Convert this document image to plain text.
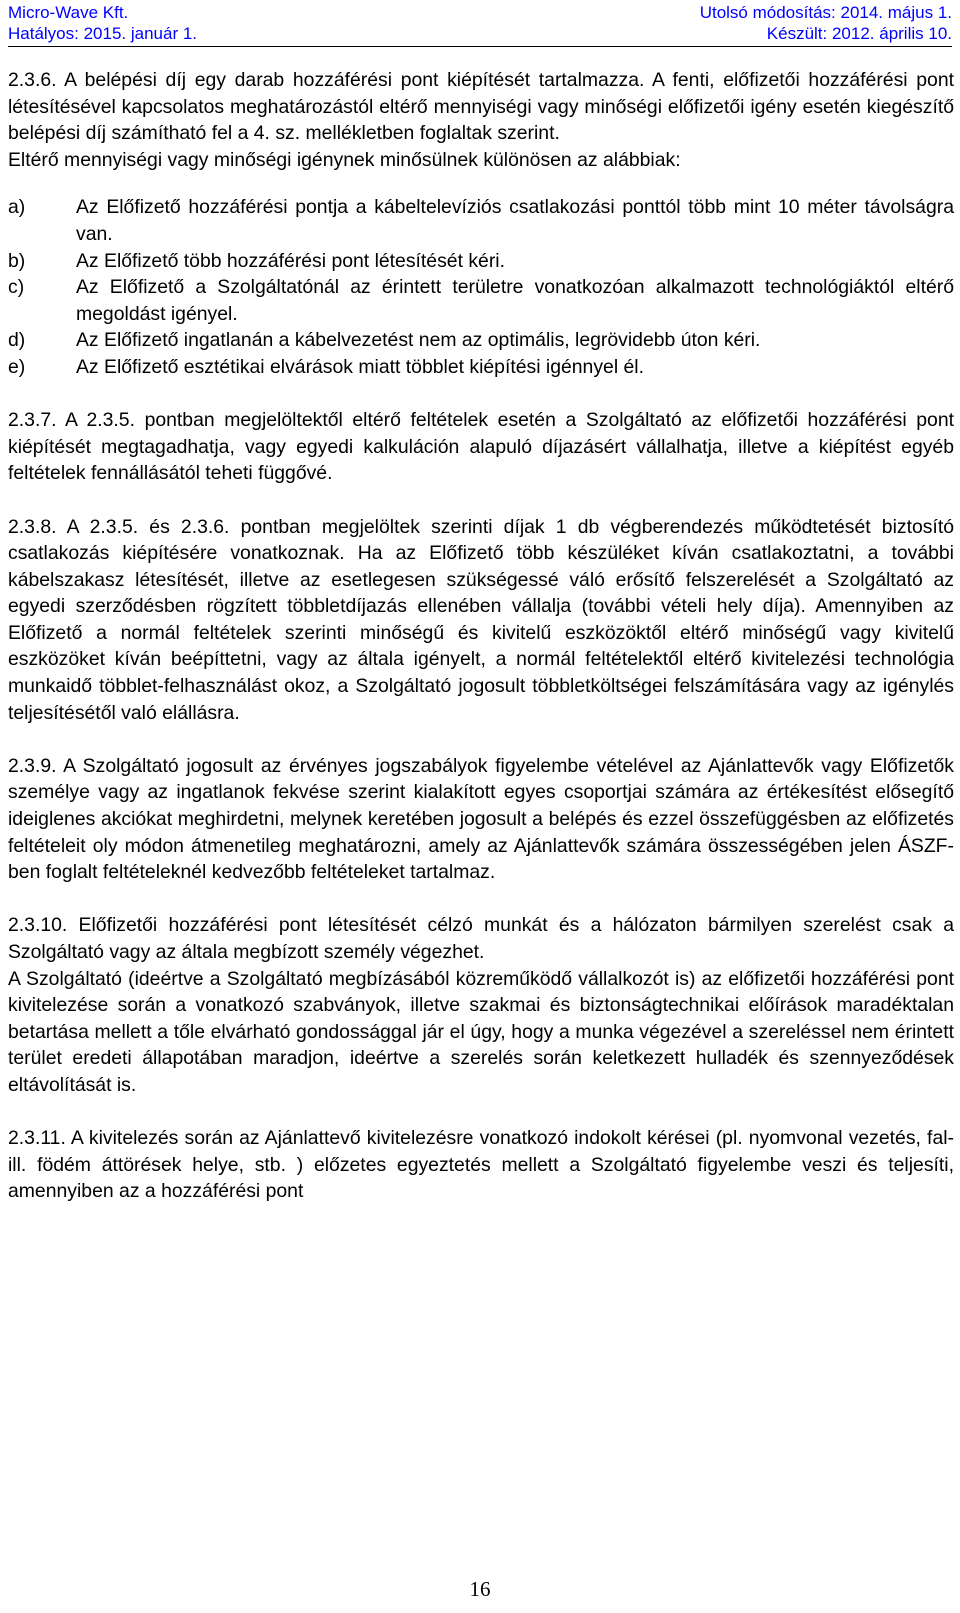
Micro-Wave Kft.	Utolsó módosítás: 2014. május 1.
Hatályos: 2015. január 1.	Készült: 2012. április 10.

2.3.6. A belépési díj egy darab hozzáférési pont kiépítését tartalmazza. A fenti, előfizetői hozzáférési pont létesítésével kapcsolatos meghatározástól eltérő mennyiségi vagy minőségi előfizetői igény esetén kiegészítő belépési díj számítható fel a 4. sz. mellékletben foglaltak szerint.

Eltérő mennyiségi vagy minőségi igénynek minősülnek különösen az alábbiak:

a)	Az Előfizető hozzáférési pontja a kábeltelevíziós csatlakozási ponttól több mint 10 méter távolságra van.
b)	Az Előfizető több hozzáférési pont létesítését kéri.
c)	Az Előfizető a Szolgáltatónál az érintett területre vonatkozóan alkalmazott technológiáktól eltérő megoldást igényel.
d)	Az Előfizető ingatlanán a kábelvezetést nem az optimális, legrövidebb úton kéri.
e)	Az Előfizető esztétikai elvárások miatt többlet kiépítési igénnyel él.

2.3.7. A 2.3.5. pontban megjelöltektől eltérő feltételek esetén a Szolgáltató az előfizetői hozzáférési pont kiépítését megtagadhatja, vagy egyedi kalkuláción alapuló díjazásért vállalhatja, illetve a kiépítést egyéb feltételek fennállásától teheti függővé.

2.3.8. A 2.3.5. és 2.3.6. pontban megjelöltek szerinti díjak 1 db végberendezés működtetését biztosító csatlakozás kiépítésére vonatkoznak. Ha az Előfizető több készüléket kíván csatlakoztatni, a további kábelszakasz létesítését, illetve az esetlegesen szükségessé váló erősítő felszerelését a Szolgáltató az egyedi szerződésben rögzített többletdíjazás ellenében vállalja (további vételi hely díja). Amennyiben az Előfizető a normál feltételek szerinti minőségű és kivitelű eszközöktől eltérő minőségű vagy kivitelű eszközöket kíván beépíttetni, vagy az általa igényelt, a normál feltételektől eltérő kivitelezési technológia munkaidő többlet-felhasználást okoz, a Szolgáltató jogosult többletköltségei felszámítására vagy az igénylés teljesítésétől való elállásra.

2.3.9. A Szolgáltató jogosult az érvényes jogszabályok figyelembe vételével az Ajánlattevők vagy Előfizetők személye vagy az ingatlanok fekvése szerint kialakított egyes csoportjai számára az értékesítést elősegítő ideiglenes akciókat meghirdetni, melynek keretében jogosult a belépés és ezzel összefüggésben az előfizetés feltételeit oly módon átmenetileg meghatározni, amely az Ajánlattevők számára összességében jelen ÁSZF-ben foglalt feltételeknél kedvezőbb feltételeket tartalmaz.

2.3.10. Előfizetői hozzáférési pont létesítését célzó munkát és a hálózaton bármilyen szerelést csak a Szolgáltató vagy az általa megbízott személy végezhet.

A Szolgáltató (ideértve a Szolgáltató megbízásából közreműködő vállalkozót is) az előfizetői hozzáférési pont kivitelezése során a vonatkozó szabványok, illetve szakmai és biztonságtechnikai előírások maradéktalan betartása mellett a tőle elvárható gondossággal jár el úgy, hogy a munka végezével a szereléssel nem érintett terület eredeti állapotában maradjon, ideértve a szerelés során keletkezett hulladék és szennyeződések eltávolítását is.

2.3.11. A kivitelezés során az Ajánlattevő kivitelezésre vonatkozó indokolt kérései (pl. nyomvonal vezetés, fal- ill. födém áttörések helye, stb. ) előzetes egyeztetés mellett a Szolgáltató figyelembe veszi és teljesíti, amennyiben az a hozzáférési pont

16
